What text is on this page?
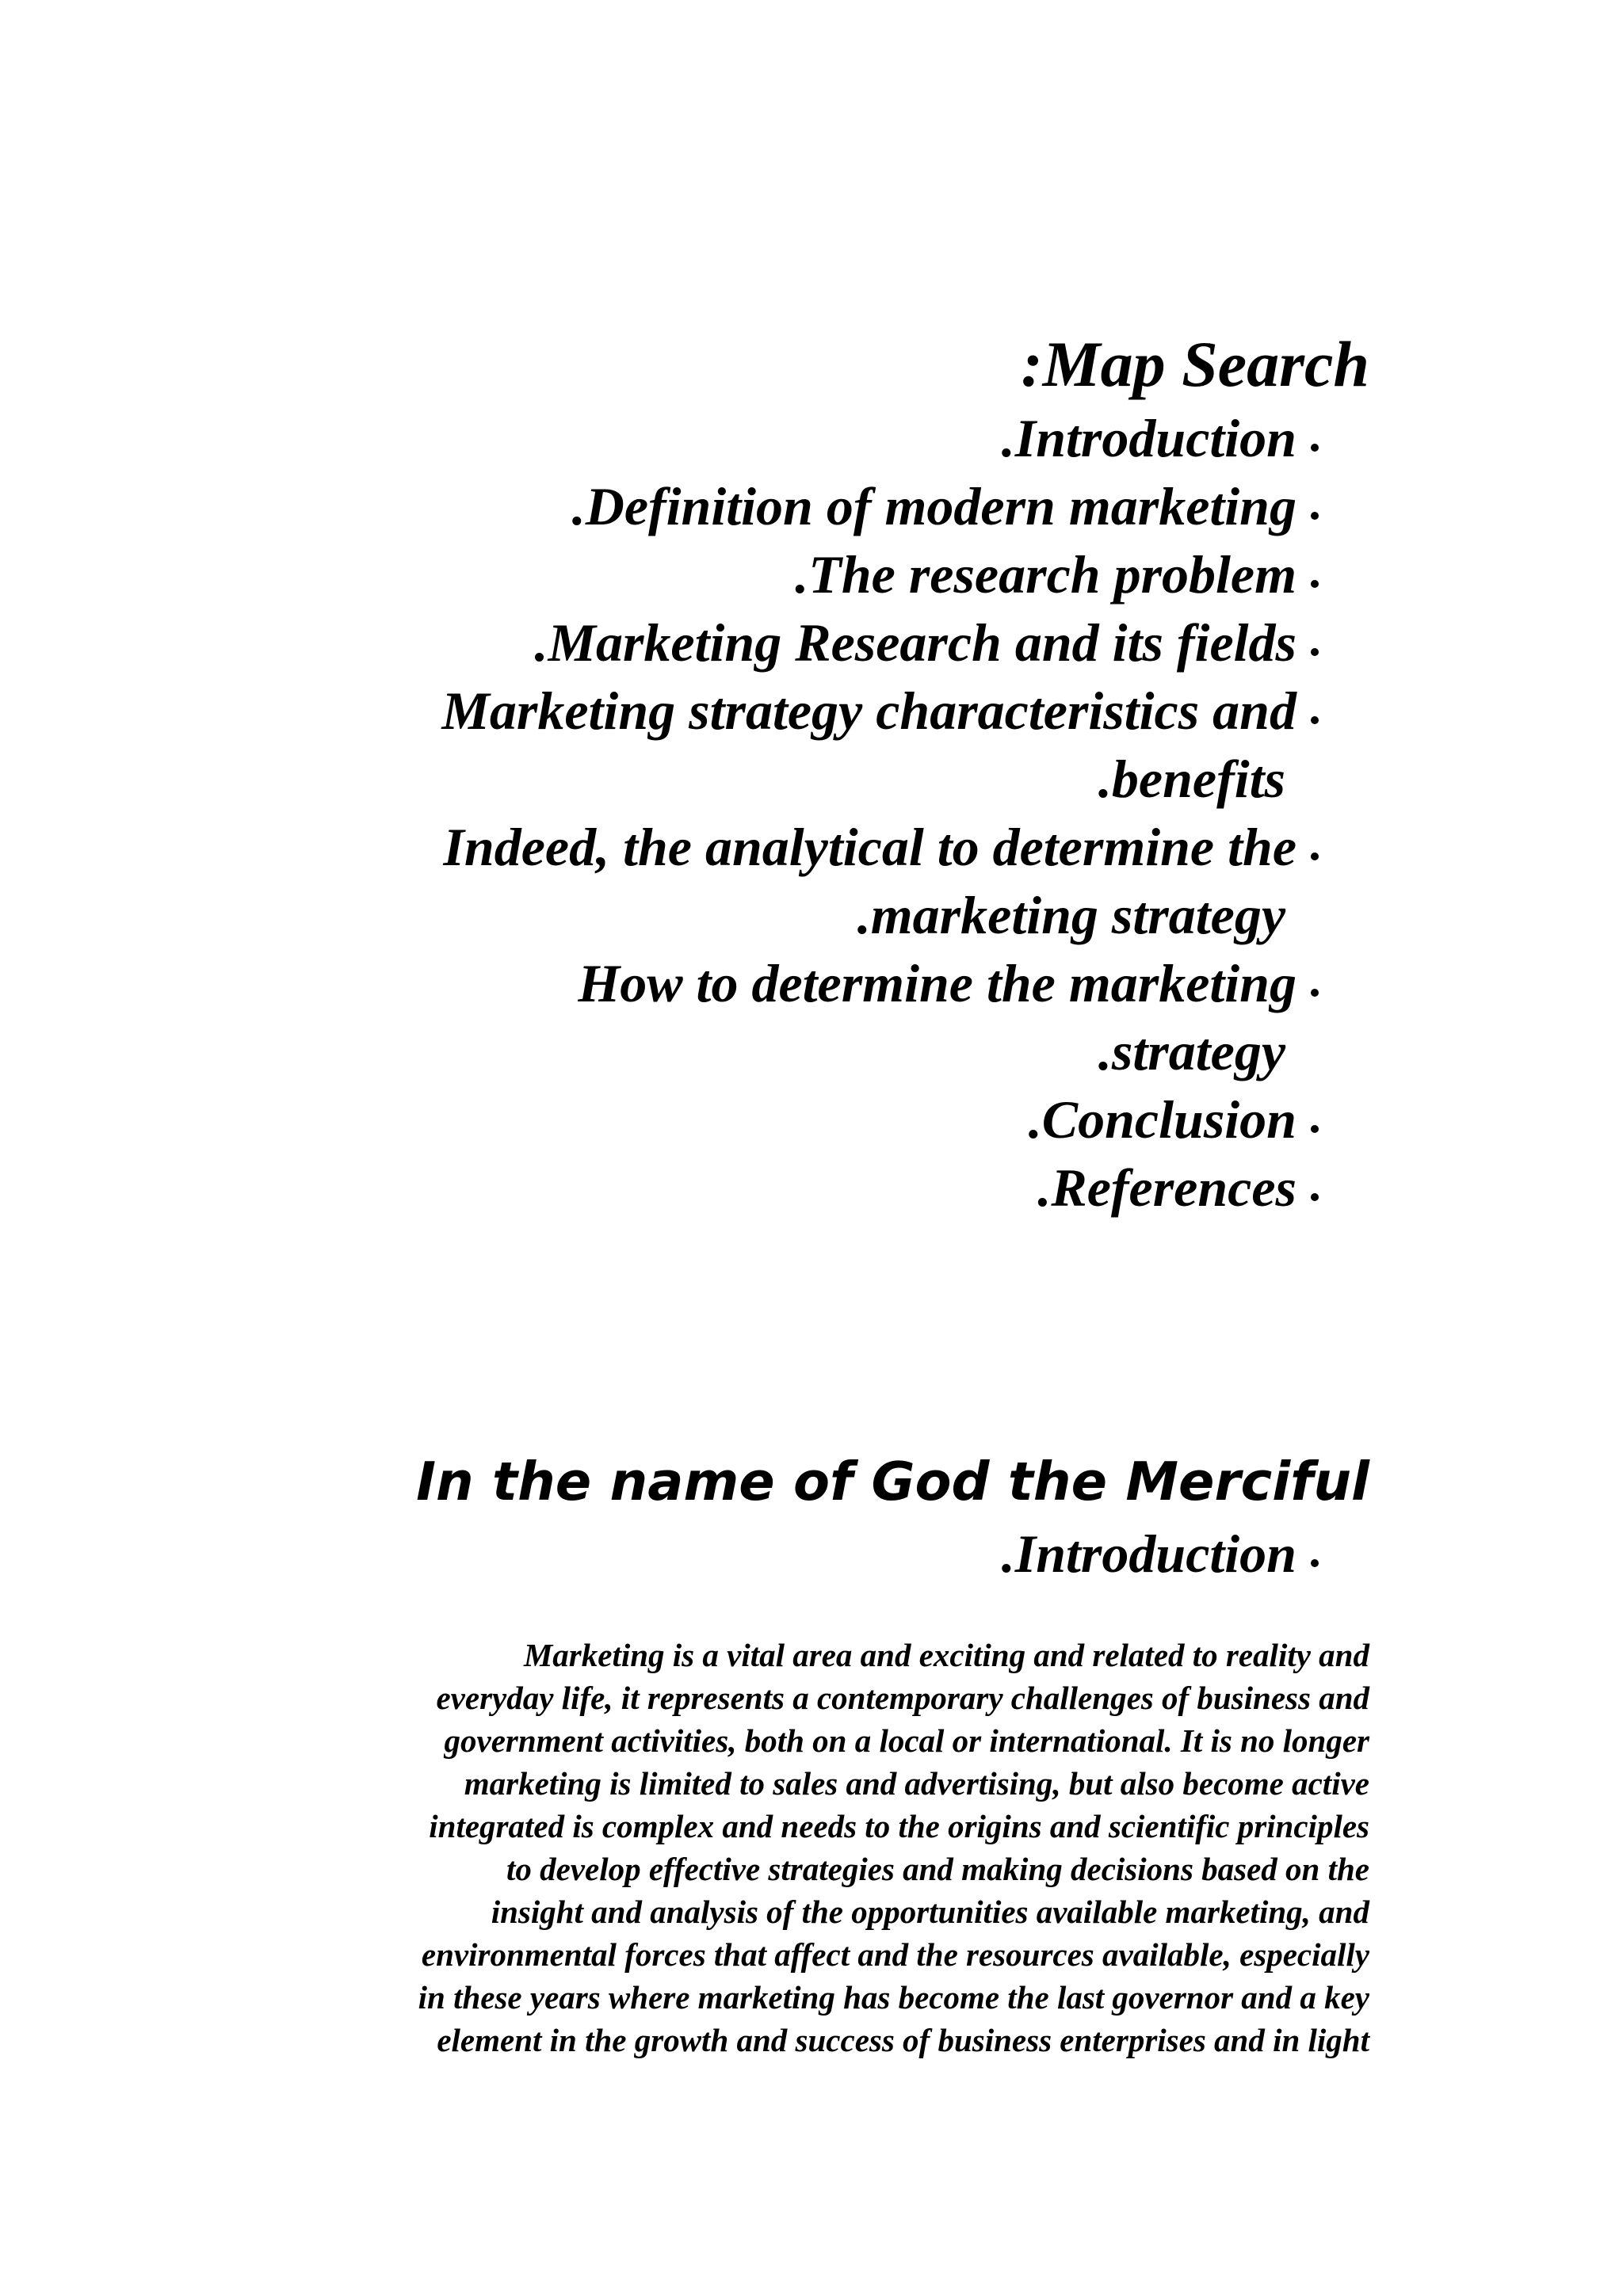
:Map Search
.Introduction
.Definition of modern marketing
.The research problem
.Marketing Research and its fields
Marketing strategy characteristics and
.benefits
Indeed, the analytical to determine the
.marketing strategy
How to determine the marketing
.strategy
.Conclusion
.References
In the name of God the Merciful
.Introduction
Marketing is a vital area and exciting and related to reality and
everyday life, it represents a contemporary challenges of business and
government activities, both on a local or international. It is no longer
marketing is limited to sales and advertising, but also become active
integrated is complex and needs to the origins and scientific principles
to develop effective strategies and making decisions based on the
insight and analysis of the opportunities available marketing, and
environmental forces that affect and the resources available, especially
in these years where marketing has become the last governor and a key
element in the growth and success of business enterprises and in light
